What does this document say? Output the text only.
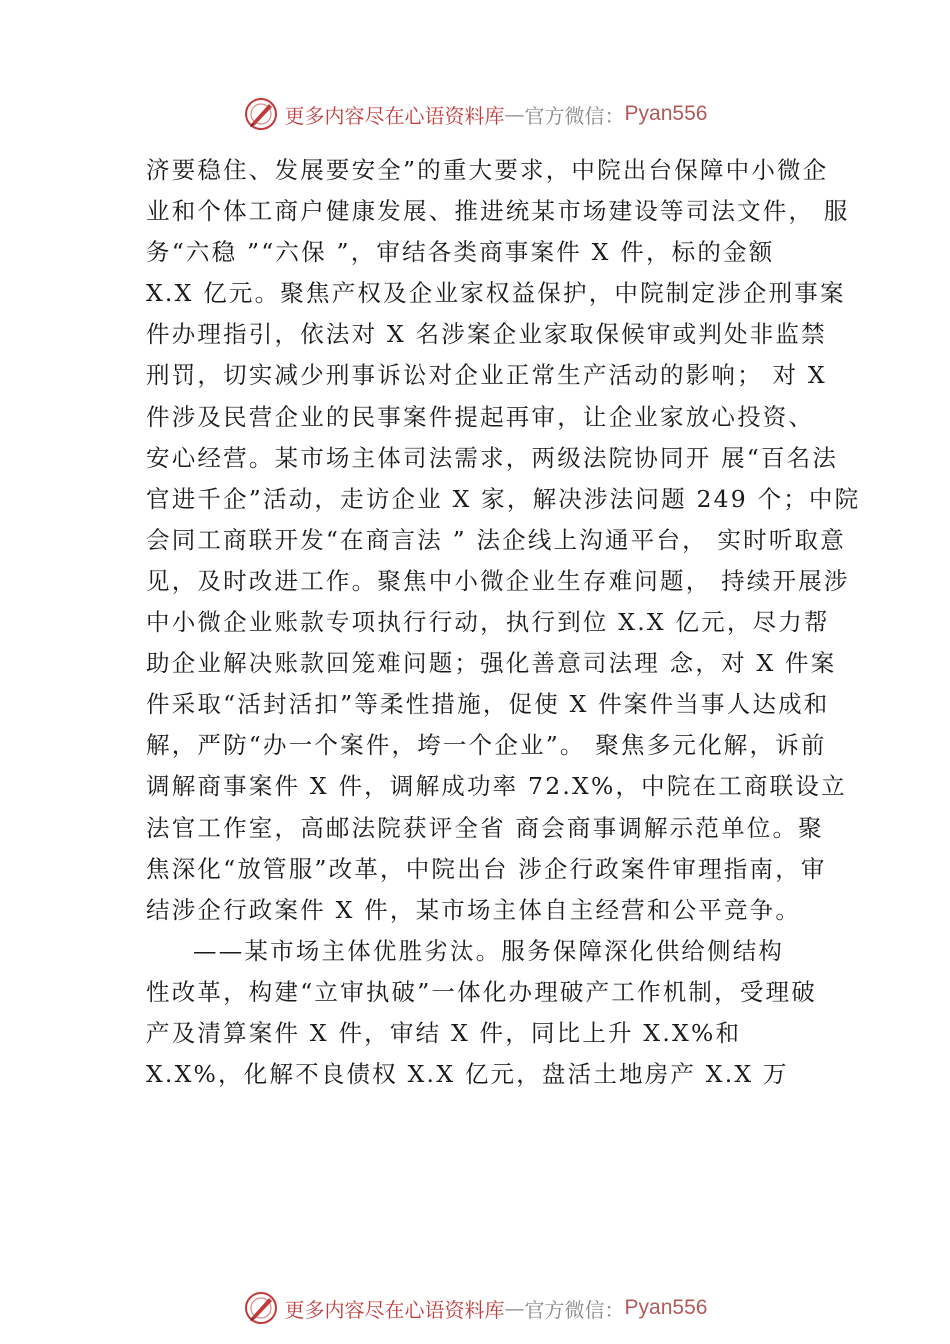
更多内容尽在心语资料库 — 官方微信： Pyan556
济要稳住、发展要安全”的重大要求，中院出台保障中小微企
业和个体工商户健康发展、推进统某市场建设等司法文件， 服
务“六稳 ”“六保 ”，审结各类商事案件 X 件，标的金额
X.X 亿元。聚焦产权及企业家权益保护，中院制定涉企刑事案
件办理指引，依法对 X 名涉案企业家取保候审或判处非监禁
刑罚，切实减少刑事诉讼对企业正常生产活动的影响； 对 X
件涉及民营企业的民事案件提起再审，让企业家放心投资、
安心经营。某市场主体司法需求，两级法院协同开 展“百名法
官进千企”活动，走访企业 X 家，解决涉法问题 249 个；中院
会同工商联开发“在商言法 ” 法企线上沟通平台， 实时听取意
见，及时改进工作。聚焦中小微企业生存难问题， 持续开展涉
中小微企业账款专项执行行动，执行到位 X.X 亿元，尽力帮
助企业解决账款回笼难问题；强化善意司法理 念，对 X 件案
件采取“活封活扣”等柔性措施，促使 X 件案件当事人达成和
解，严防“办一个案件，垮一个企业”。 聚焦多元化解，诉前
调解商事案件 X 件，调解成功率 72.X%，中院在工商联设立
法官工作室，高邮法院获评全省 商会商事调解示范单位。聚
焦深化“放管服”改革，中院出台 涉企行政案件审理指南，审
结涉企行政案件 X 件，某市场主体自主经营和公平竞争。
——某市场主体优胜劣汰。服务保障深化供给侧结构
性改革，构建“立审执破”一体化办理破产工作机制，受理破
产及清算案件 X 件，审结 X 件，同比上升 X.X%和
X.X%，化解不良债权 X.X 亿元，盘活土地房产 X.X 万
更多内容尽在心语资料库 — 官方微信： Pyan556
